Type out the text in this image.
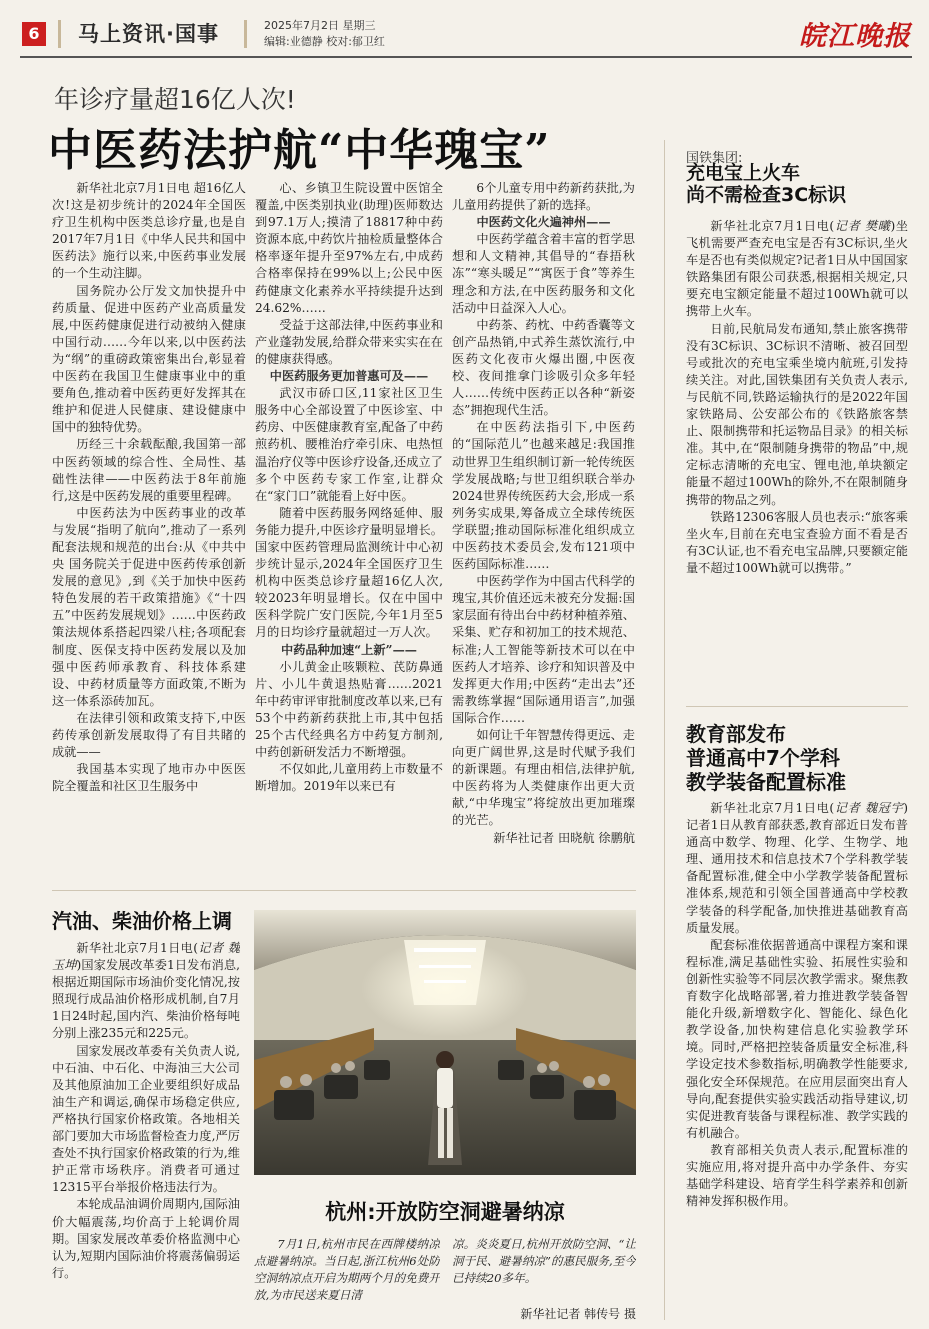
6	马上资讯·国事	2025年7月2日 星期三
编辑:业德静 校对:郁卫红	皖江晚报
年诊疗量超16亿人次!
中医药法护航“中华瑰宝”

新华社北京7月1日电 超16亿人次!这是初步统计的2024年全国医疗卫生机构中医类总诊疗量,也是自2017年7月1日《中华人民共和国中医药法》施行以来,中医药事业发展的一个生动注脚。

国务院办公厅发文加快提升中药质量、促进中医药产业高质量发展,中医药健康促进行动被纳入健康中国行动……今年以来,以中医药法为“纲”的重磅政策密集出台,彰显着中医药在我国卫生健康事业中的重要角色,推动着中医药更好发挥其在维护和促进人民健康、建设健康中国中的独特优势。

历经三十余载酝酿,我国第一部中医药领域的综合性、全局性、基础性法律——中医药法于8年前施行,这是中医药发展的重要里程碑。

中医药法为中医药事业的改革与发展“指明了航向”,推动了一系列配套法规和规范的出台:从《中共中央 国务院关于促进中医药传承创新发展的意见》,到《关于加快中医药特色发展的若干政策措施》《“十四五”中医药发展规划》……中医药政策法规体系搭起四梁八柱;各项配套制度、医保支持中医药发展以及加强中医药师承教育、科技体系建设、中药材质量等方面政策,不断为这一体系添砖加瓦。

在法律引领和政策支持下,中医药传承创新发展取得了有目共睹的成就——

我国基本实现了地市办中医医院全覆盖和社区卫生服务中

心、乡镇卫生院设置中医馆全覆盖,中医类别执业(助理)医师数达到97.1万人;摸清了18817种中药资源本底,中药饮片抽检质量整体合格率逐年提升至97%左右,中成药合格率保持在99%以上;公民中医药健康文化素养水平持续提升达到24.62%……

受益于这部法律,中医药事业和产业蓬勃发展,给群众带来实实在在的健康获得感。

中医药服务更加普惠可及——

武汉市硚口区,11家社区卫生服务中心全部设置了中医诊室、中药房、中医健康教育室,配备了中药煎药机、腰椎治疗牵引床、电热恒温治疗仪等中医诊疗设备,还成立了多个中医药专家工作室,让群众在“家门口”就能看上好中医。

随着中医药服务网络延伸、服务能力提升,中医诊疗量明显增长。国家中医药管理局监测统计中心初步统计显示,2024年全国医疗卫生机构中医类总诊疗量超16亿人次,较2023年明显增长。仅在中国中医科学院广安门医院,今年1月至5月的日均诊疗量就超过一万人次。

中药品种加速“上新”——

小儿黄金止咳颗粒、芪防鼻通片、小儿牛黄退热贴膏……2021年中药审评审批制度改革以来,已有53个中药新药获批上市,其中包括25个古代经典名方中药复方制剂,中药创新研发活力不断增强。

不仅如此,儿童用药上市数量不断增加。2019年以来已有

6个儿童专用中药新药获批,为儿童用药提供了新的选择。

中医药文化火遍神州——

中医药学蕴含着丰富的哲学思想和人文精神,其倡导的“春捂秋冻”“寒头暖足”“寓医于食”等养生理念和方法,在中医药服务和文化活动中日益深入人心。

中药茶、药枕、中药香囊等文创产品热销,中式养生蒸饮流行,中医药文化夜市火爆出圈,中医夜校、夜间推拿门诊吸引众多年轻人……传统中医药正以各种“新姿态”拥抱现代生活。

在中医药法指引下,中医药的“国际范儿”也越来越足:我国推动世界卫生组织制订新一轮传统医学发展战略;与世卫组织联合举办2024世界传统医药大会,形成一系列务实成果,筹备成立全球传统医学联盟;推动国际标准化组织成立中医药技术委员会,发布121项中医药国际标准……

中医药学作为中国古代科学的瑰宝,其价值还远未被充分发掘:国家层面有待出台中药材种植养殖、采集、贮存和初加工的技术规范、标准;人工智能等新技术可以在中医药人才培养、诊疗和知识普及中发挥更大作用;中医药“走出去”还需教练掌握“国际通用语言”,加强国际合作……

如何让千年智慧传得更远、走向更广阔世界,这是时代赋予我们的新课题。有理由相信,法律护航,中医药将为人类健康作出更大贡献,“中华瑰宝”将绽放出更加璀璨的光芒。

新华社记者 田晓航 徐鹏航

国铁集团:
充电宝上火车
尚不需检查3C标识

新华社北京7月1日电(记者 樊曦)坐飞机需要严查充电宝是否有3C标识,坐火车是否也有类似规定?记者1日从中国国家铁路集团有限公司获悉,根据相关规定,只要充电宝额定能量不超过100Wh就可以携带上火车。

日前,民航局发布通知,禁止旅客携带没有3C标识、3C标识不清晰、被召回型号或批次的充电宝乘坐境内航班,引发持续关注。对此,国铁集团有关负责人表示,与民航不同,铁路运输执行的是2022年国家铁路局、公安部公布的《铁路旅客禁止、限制携带和托运物品目录》的相关标准。其中,在“限制随身携带的物品”中,规定标志清晰的充电宝、锂电池,单块额定能量不超过100Wh的除外,不在限制随身携带的物品之列。

铁路12306客服人员也表示:“旅客乘坐火车,目前在充电宝查验方面不看是否有3C认证,也不看充电宝品牌,只要额定能量不超过100Wh就可以携带。”

教育部发布
普通高中7个学科
教学装备配置标准

新华社北京7月1日电(记者 魏冠宇)记者1日从教育部获悉,教育部近日发布普通高中数学、物理、化学、生物学、地理、通用技术和信息技术7个学科教学装备配置标准,健全中小学教学装备配置标准体系,规范和引领全国普通高中学校教学装备的科学配备,加快推进基础教育高质量发展。

配套标准依据普通高中课程方案和课程标准,满足基础性实验、拓展性实验和创新性实验等不同层次教学需求。聚焦教育数字化战略部署,着力推进教学装备智能化升级,新增数字化、智能化、绿色化教学设备,加快构建信息化实验教学环境。同时,严格把控装备质量安全标准,科学设定技术参数指标,明确教学性能要求,强化安全环保规范。在应用层面突出育人导向,配套提供实验实践活动指导建议,切实促进教育装备与课程标准、教学实践的有机融合。

教育部相关负责人表示,配置标准的实施应用,将对提升高中办学条件、夯实基础学科建设、培育学生科学素养和创新精神发挥积极作用。

汽油、柴油价格上调

新华社北京7月1日电(记者 魏玉坤)国家发展改革委1日发布消息,根据近期国际市场油价变化情况,按照现行成品油价格形成机制,自7月1日24时起,国内汽、柴油价格每吨分别上涨235元和225元。

国家发展改革委有关负责人说,中石油、中石化、中海油三大公司及其他原油加工企业要组织好成品油生产和调运,确保市场稳定供应,严格执行国家价格政策。各地相关部门要加大市场监督检查力度,严厉查处不执行国家价格政策的行为,维护正常市场秩序。消费者可通过12315平台举报价格违法行为。

本轮成品油调价周期内,国际油价大幅震荡,均价高于上轮调价周期。国家发展改革委价格监测中心认为,短期内国际油价将震荡偏弱运行。

杭州:开放防空洞避暑纳凉

7月1日,杭州市民在西牌楼纳凉点避暑纳凉。当日起,浙江杭州6处防空洞纳凉点开启为期两个月的免费开放,为市民送来夏日清

凉。炎炎夏日,杭州开放防空洞、“让洞于民、避暑纳凉”的惠民服务,至今已持续20多年。

新华社记者 韩传号 摄
